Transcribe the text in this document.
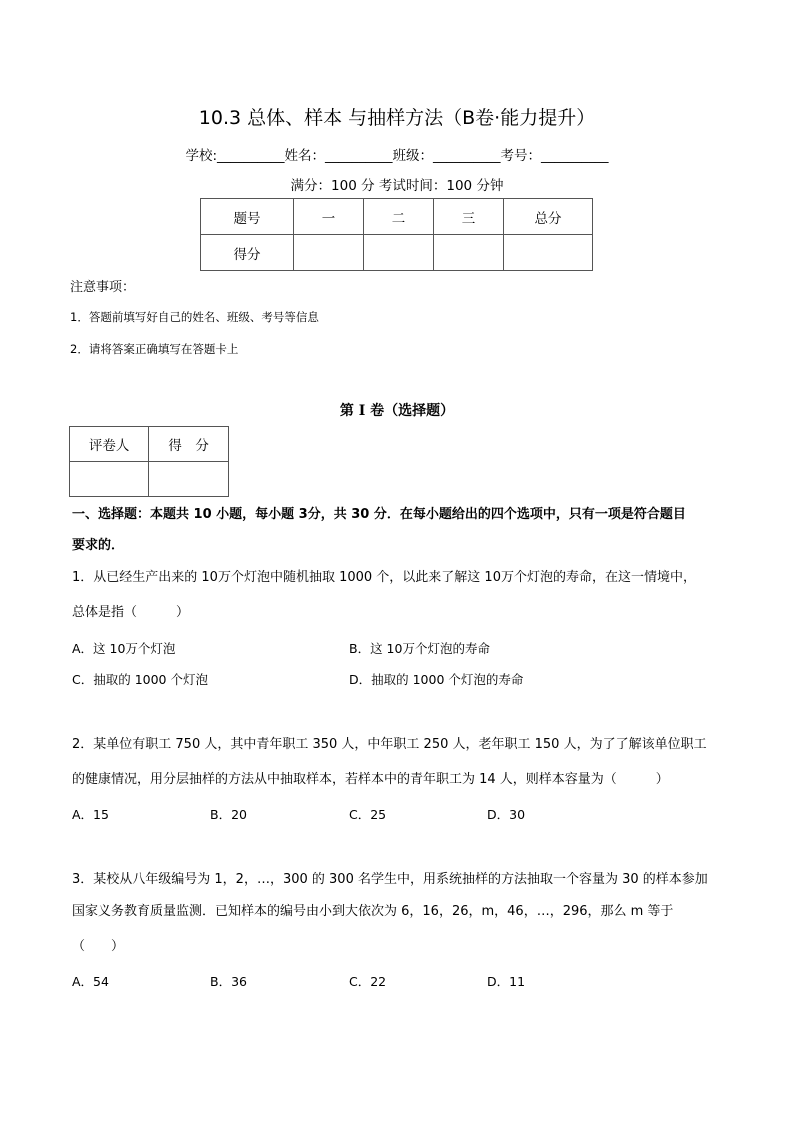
10.3 总体、样本 与抽样方法（B卷·能力提升）
学校:__________姓名：__________班级：__________考号：__________
满分：100 分 考试时间：100 分钟
题号	一	二	三	总分
得分				
注意事项：
1．答题前填写好自己的姓名、班级、考号等信息
2．请将答案正确填写在答题卡上
第 I 卷（选择题）
评卷人	得　分

一、选择题：本题共 10 小题，每小题 3分，共 30 分．在每小题给出的四个选项中，只有一项是符合题目
要求的．
1．从已经生产出来的 10万个灯泡中随机抽取 1000 个，以此来了解这 10万个灯泡的寿命，在这一情境中，
总体是指（　　　）
A．这 10万个灯泡	B．这 10万个灯泡的寿命
C．抽取的 1000 个灯泡	D．抽取的 1000 个灯泡的寿命
2．某单位有职工 750 人，其中青年职工 350 人，中年职工 250 人，老年职工 150 人，为了了解该单位职工
的健康情况，用分层抽样的方法从中抽取样本，若样本中的青年职工为 14 人，则样本容量为（　　　）
A．15	B．20	C．25	D．30
3．某校从八年级编号为 1，2，…，300 的 300 名学生中，用系统抽样的方法抽取一个容量为 30 的样本参加
国家义务教育质量监测．已知样本的编号由小到大依次为 6，16，26，m，46，…，296，那么 m 等于
（　　）
A．54	B．36	C．22	D．11
